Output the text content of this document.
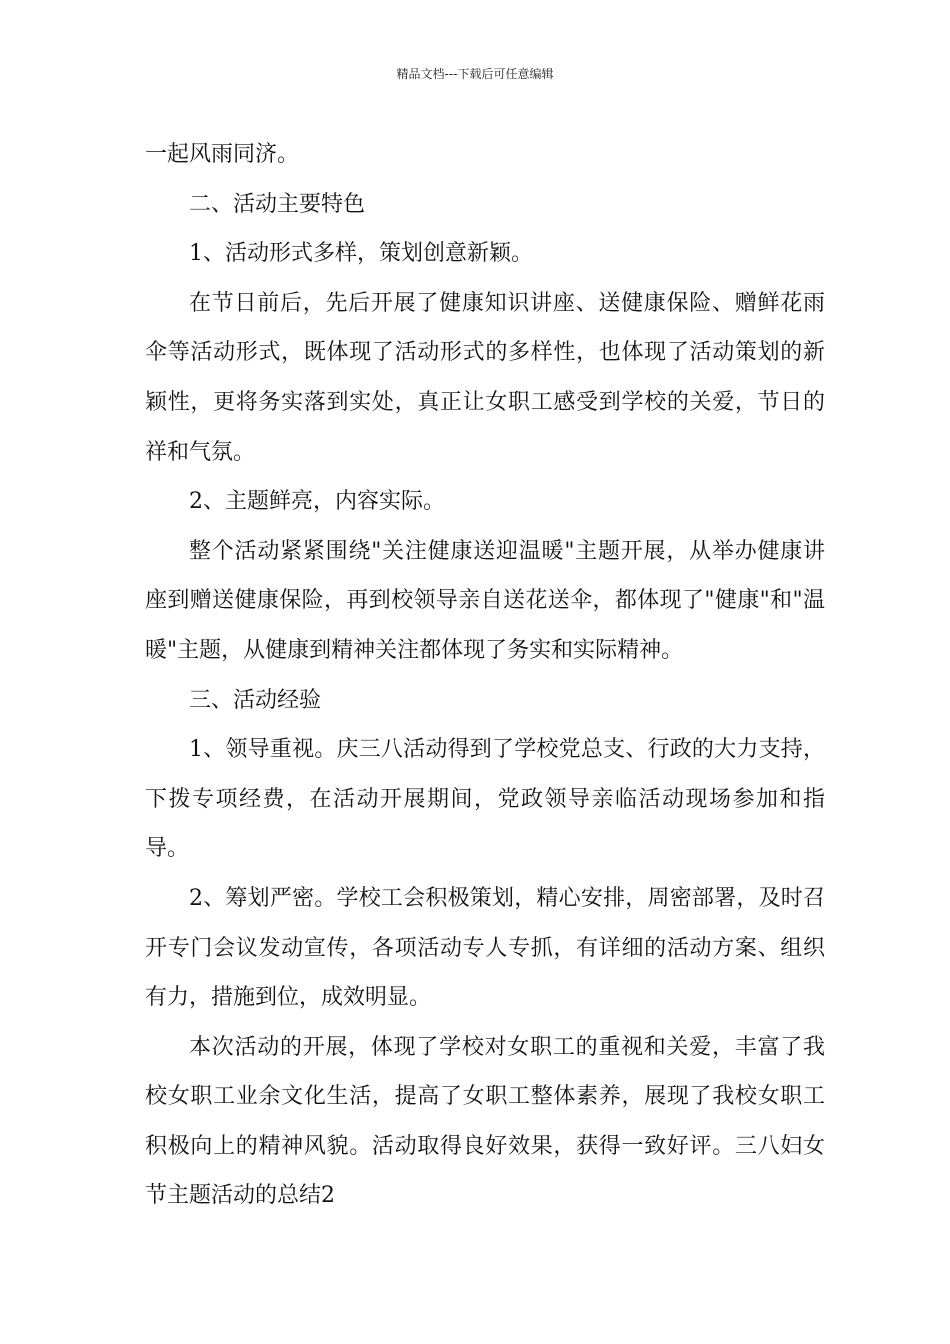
精品文档---下载后可任意编辑

一起风雨同济。

二、活动主要特色

1、活动形式多样，策划创意新颖。

在节日前后，先后开展了健康知识讲座、送健康保险、赠鲜花雨伞等活动形式，既体现了活动形式的多样性，也体现了活动策划的新颖性，更将务实落到实处，真正让女职工感受到学校的关爱，节日的祥和气氛。

2、主题鲜亮，内容实际。

整个活动紧紧围绕"关注健康送迎温暖"主题开展，从举办健康讲座到赠送健康保险，再到校领导亲自送花送伞，都体现了"健康"和"温暖"主题，从健康到精神关注都体现了务实和实际精神。

三、活动经验

1、领导重视。庆三八活动得到了学校党总支、行政的大力支持，下拨专项经费，在活动开展期间，党政领导亲临活动现场参加和指导。

2、筹划严密。学校工会积极策划，精心安排，周密部署，及时召开专门会议发动宣传，各项活动专人专抓，有详细的活动方案、组织有力，措施到位，成效明显。

本次活动的开展，体现了学校对女职工的重视和关爱，丰富了我校女职工业余文化生活，提高了女职工整体素养，展现了我校女职工积极向上的精神风貌。活动取得良好效果，获得一致好评。三八妇女节主题活动的总结2
